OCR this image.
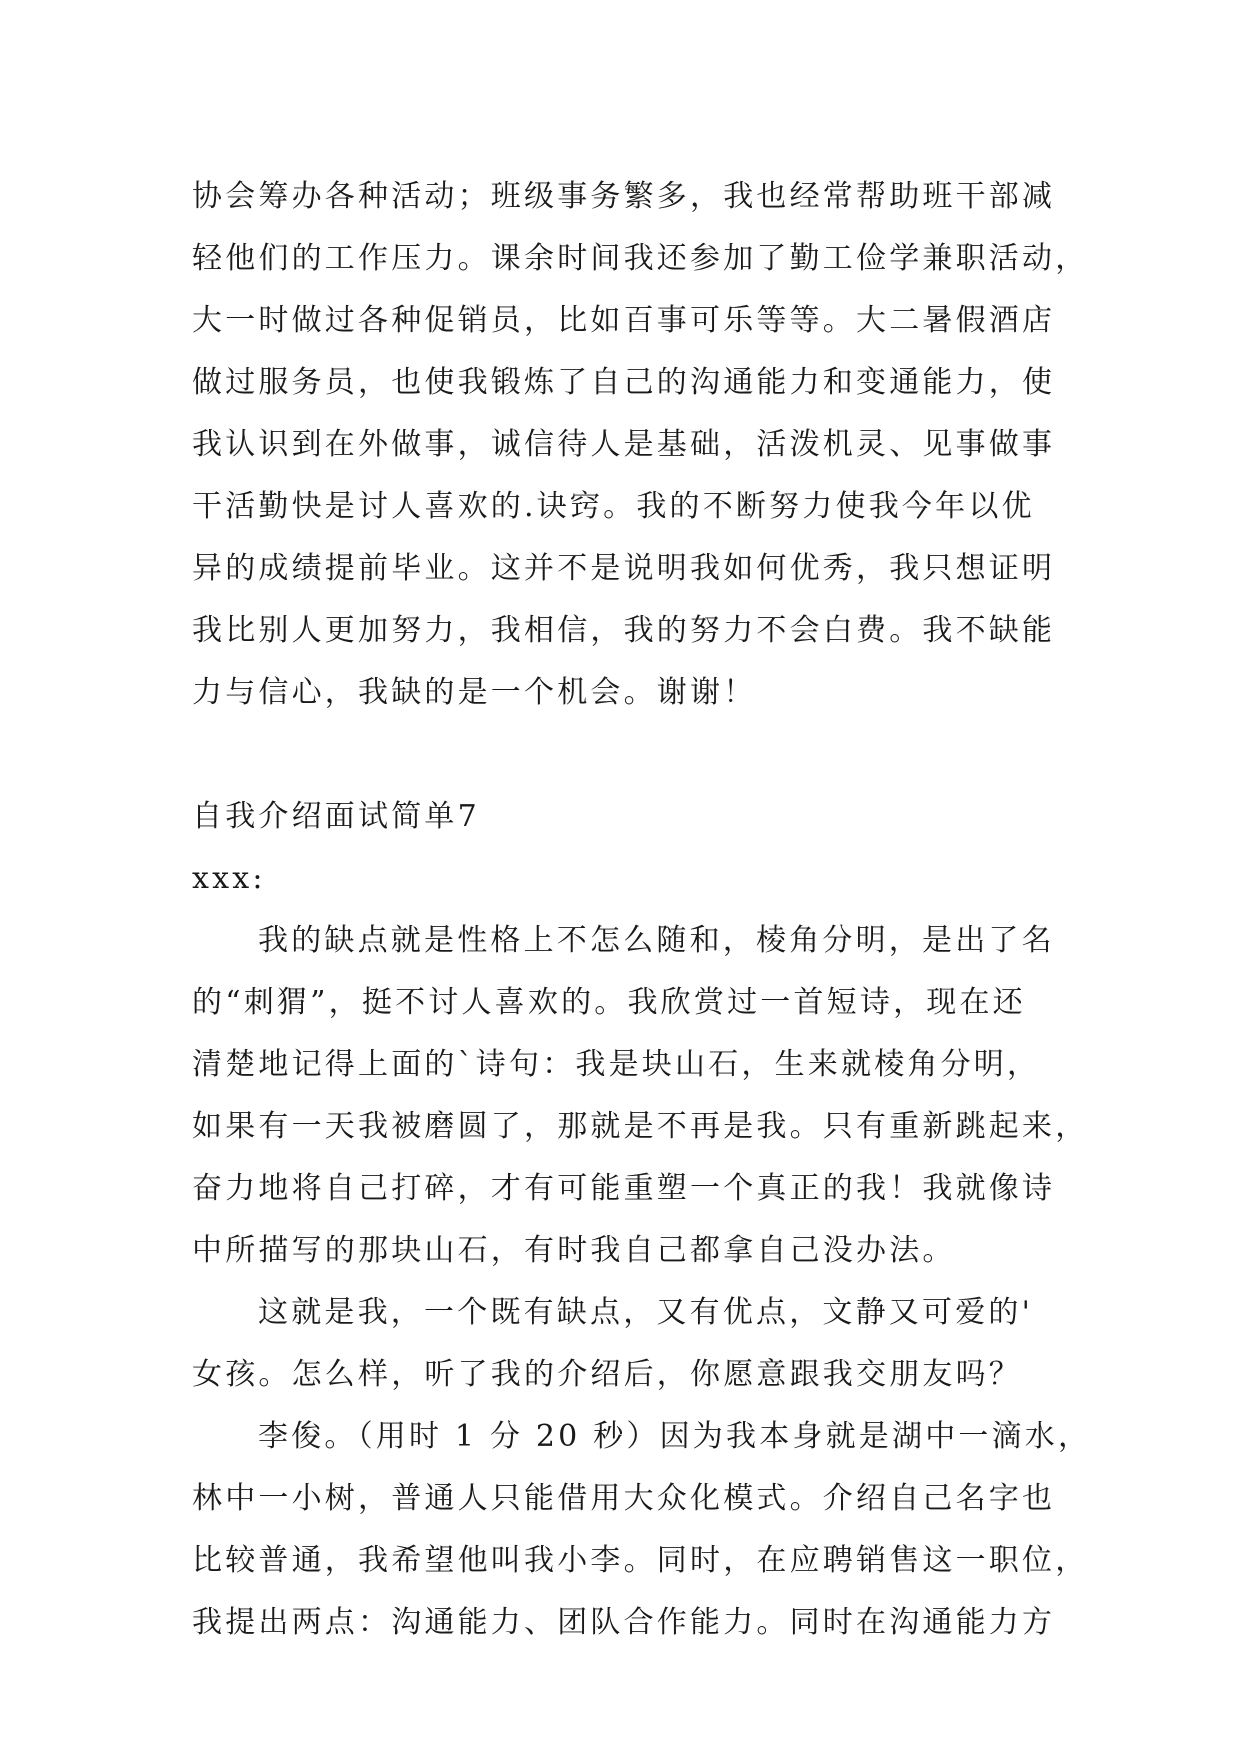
协会筹办各种活动；班级事务繁多，我也经常帮助班干部减

轻他们的工作压力。课余时间我还参加了勤工俭学兼职活动，

大一时做过各种促销员，比如百事可乐等等。大二暑假酒店

做过服务员，也使我锻炼了自己的沟通能力和变通能力，使

我认识到在外做事，诚信待人是基础，活泼机灵、见事做事

干活勤快是讨人喜欢的.诀窍。我的不断努力使我今年以优

异的成绩提前毕业。这并不是说明我如何优秀，我只想证明

我比别人更加努力，我相信，我的努力不会白费。我不缺能

力与信心，我缺的是一个机会。谢谢！

自我介绍面试简单7

xxx:

我的缺点就是性格上不怎么随和，棱角分明，是出了名

的“刺猬”，挺不讨人喜欢的。我欣赏过一首短诗，现在还

清楚地记得上面的`诗句：我是块山石，生来就棱角分明，

如果有一天我被磨圆了，那就是不再是我。只有重新跳起来，

奋力地将自己打碎，才有可能重塑一个真正的我！我就像诗

中所描写的那块山石，有时我自己都拿自己没办法。

这就是我，一个既有缺点，又有优点，文静又可爱的'

女孩。怎么样，听了我的介绍后，你愿意跟我交朋友吗？

李俊。（用时 1 分 20 秒）因为我本身就是湖中一滴水，

林中一小树，普通人只能借用大众化模式。介绍自己名字也

比较普通，我希望他叫我小李。同时，在应聘销售这一职位，

我提出两点：沟通能力、团队合作能力。同时在沟通能力方
